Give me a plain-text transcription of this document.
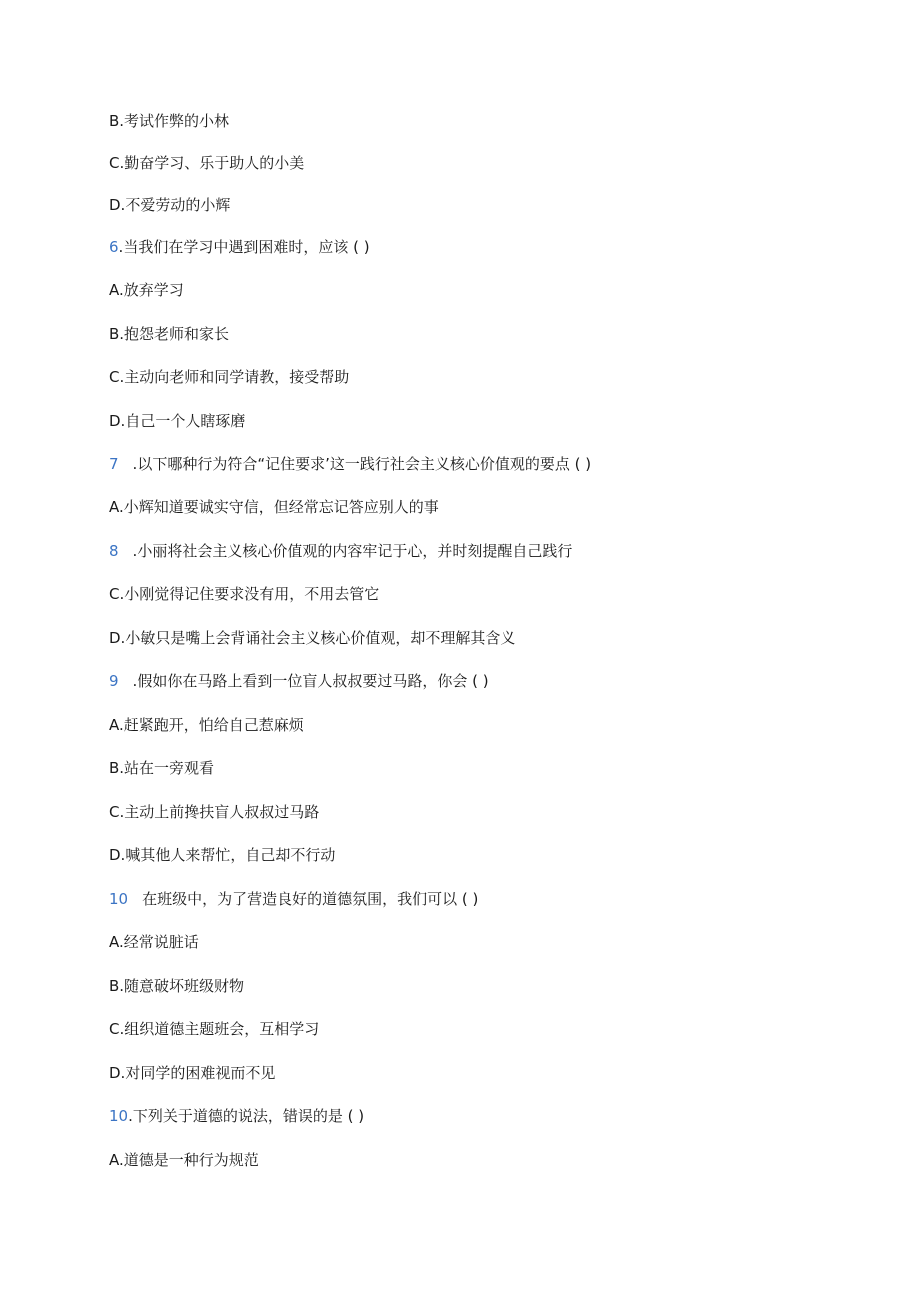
B.考试作弊的小林
C.勤奋学习、乐于助人的小美
D.不爱劳动的小辉
6.当我们在学习中遇到困难时，应该 ( )
A.放弃学习
B.抱怨老师和家长
C.主动向老师和同学请教，接受帮助
D.自己一个人瞎琢磨
7 .以下哪种行为符合“记住要求’这一践行社会主义核心价值观的要点 ( )
A.小辉知道要诚实守信，但经常忘记答应别人的事
8 .小丽将社会主义核心价值观的内容牢记于心，并时刻提醒自己践行
C.小刚觉得记住要求没有用，不用去管它
D.小敏只是嘴上会背诵社会主义核心价值观，却不理解其含义
9 .假如你在马路上看到一位盲人叔叔要过马路，你会 ( )
A.赶紧跑开，怕给自己惹麻烦
B.站在一旁观看
C.主动上前搀扶盲人叔叔过马路
D.喊其他人来帮忙，自己却不行动
10 在班级中，为了营造良好的道德氛围，我们可以 ( )
A.经常说脏话
B.随意破坏班级财物
C.组织道德主题班会，互相学习
D.对同学的困难视而不见
10.下列关于道德的说法，错误的是 ( )
A.道德是一种行为规范
